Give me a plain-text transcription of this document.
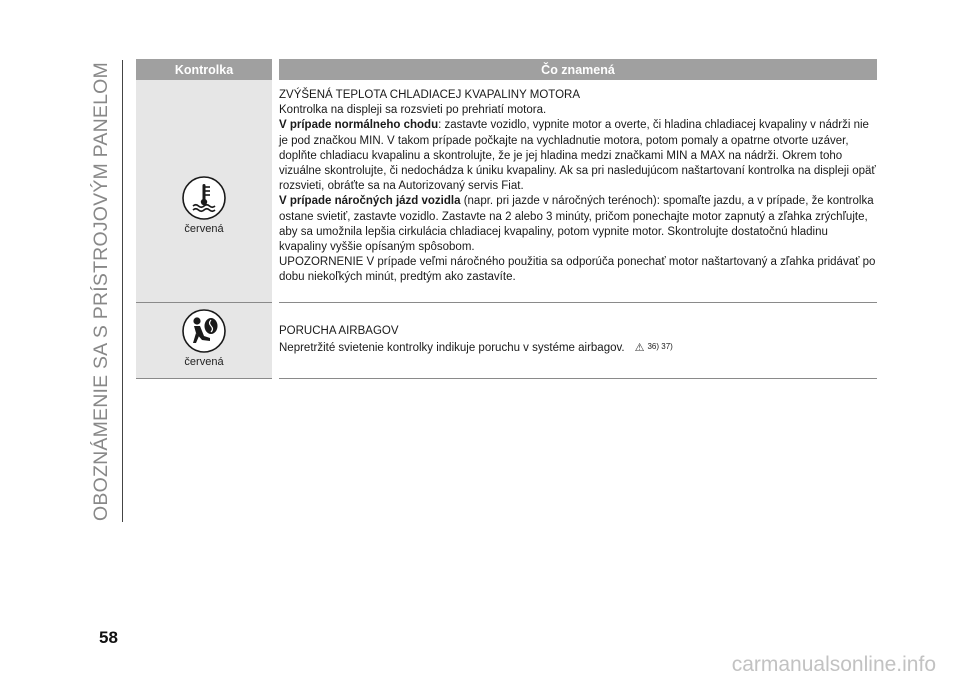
OBOZNÁMENIE SA S PRÍSTROJOVÝM PANELOM	Kontrolka	Čo znamená

červená	ZVÝŠENÁ TEPLOTA CHLADIACEJ KVAPALINY MOTORA

Kontrolka na displeji sa rozsvieti po prehriatí motora.

V prípade normálneho chodu: zastavte vozidlo, vypnite motor a overte, či hladina chladiacej kvapaliny v nádrži nie je pod značkou MIN. V takom prípade počkajte na vychladnutie motora, potom pomaly a opatrne otvorte uzáver, doplňte chladiacu kvapalinu a skontrolujte, že je jej hladina medzi značkami MIN a MAX na nádrži. Okrem toho vizuálne skontrolujte, či nedochádza k úniku kvapaliny. Ak sa pri nasledujúcom naštartovaní kontrolka na displeji opäť rozsvieti, obráťte sa na Autorizovaný servis Fiat.

V prípade náročných jázd vozidla (napr. pri jazde v náročných terénoch): spomaľte jazdu, a v prípade, že kontrolka ostane svietiť, zastavte vozidlo. Zastavte na 2 alebo 3 minúty, pričom ponechajte motor zapnutý a zľahka zrýchľujte, aby sa umožnila lepšia cirkulácia chladiacej kvapaliny, potom vypnite motor. Skontrolujte dostatočnú hladinu kvapaliny vyššie opísaným spôsobom.

UPOZORNENIE V prípade veľmi náročného použitia sa odporúča ponechať motor naštartovaný a zľahka pridávať po dobu niekoľkých minút, predtým ako zastavíte.

červená	PORUCHA AIRBAGOV

Nepretržité svietenie kontrolky indikuje poruchu v systéme airbagov. ⚠ 36) 37)

58
carmanualsonline.info
